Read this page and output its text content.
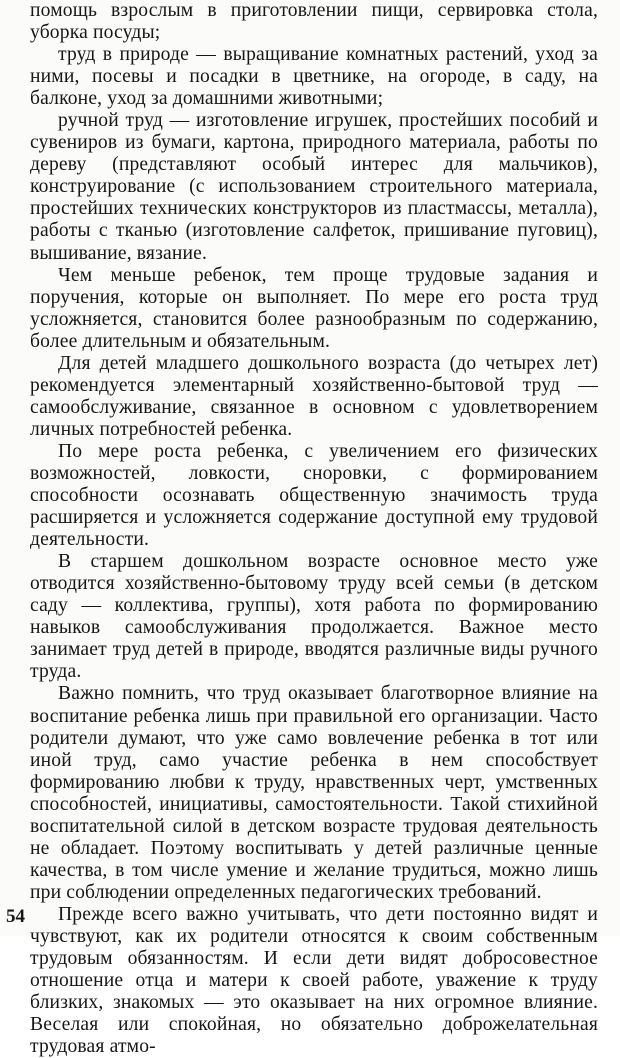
помощь взрослым в приготовлении пищи, сервировка стола, уборка посуды;

труд в природе — выращивание комнатных растений, уход за ними, посевы и посадки в цветнике, на огороде, в саду, на балконе, уход за домашними животными;

ручной труд — изготовление игрушек, простейших пособий и сувениров из бумаги, картона, природного материала, работы по дереву (представляют особый интерес для мальчиков), конструирование (с использованием строительного материала, простейших технических конструкторов из пластмассы, металла), работы с тканью (изготовление салфеток, пришивание пуговиц), вышивание, вязание.

Чем меньше ребенок, тем проще трудовые задания и поручения, которые он выполняет. По мере его роста труд усложняется, становится более разнообразным по содержанию, более длительным и обязательным.

Для детей младшего дошкольного возраста (до четырех лет) рекомендуется элементарный хозяйственно-бытовой труд — самообслуживание, связанное в основном с удовлетворением личных потребностей ребенка.

По мере роста ребенка, с увеличением его физических возможностей, ловкости, сноровки, с формированием способности осознавать общественную значимость труда расширяется и усложняется содержание доступной ему трудовой деятельности.

В старшем дошкольном возрасте основное место уже отводится хозяйственно-бытовому труду всей семьи (в детском саду — коллектива, группы), хотя работа по формированию навыков самообслуживания продолжается. Важное место занимает труд детей в природе, вводятся различные виды ручного труда.

Важно помнить, что труд оказывает благотворное влияние на воспитание ребенка лишь при правильной его организации. Часто родители думают, что уже само вовлечение ребенка в тот или иной труд, само участие ребенка в нем способствует формированию любви к труду, нравственных черт, умственных способностей, инициативы, самостоятельности. Такой стихийной воспитательной силой в детском возрасте трудовая деятельность не обладает. Поэтому воспитывать у детей различные ценные качества, в том числе умение и желание трудиться, можно лишь при соблюдении определенных педагогических требований.

Прежде всего важно учитывать, что дети постоянно видят и чувствуют, как их родители относятся к своим собственным трудовым обязанностям. И если дети видят добросовестное отношение отца и матери к своей работе, уважение к труду близких, знакомых — это оказывает на них огромное влияние. Веселая или спокойная, но обязательно доброжелательная трудовая атмо-

54
